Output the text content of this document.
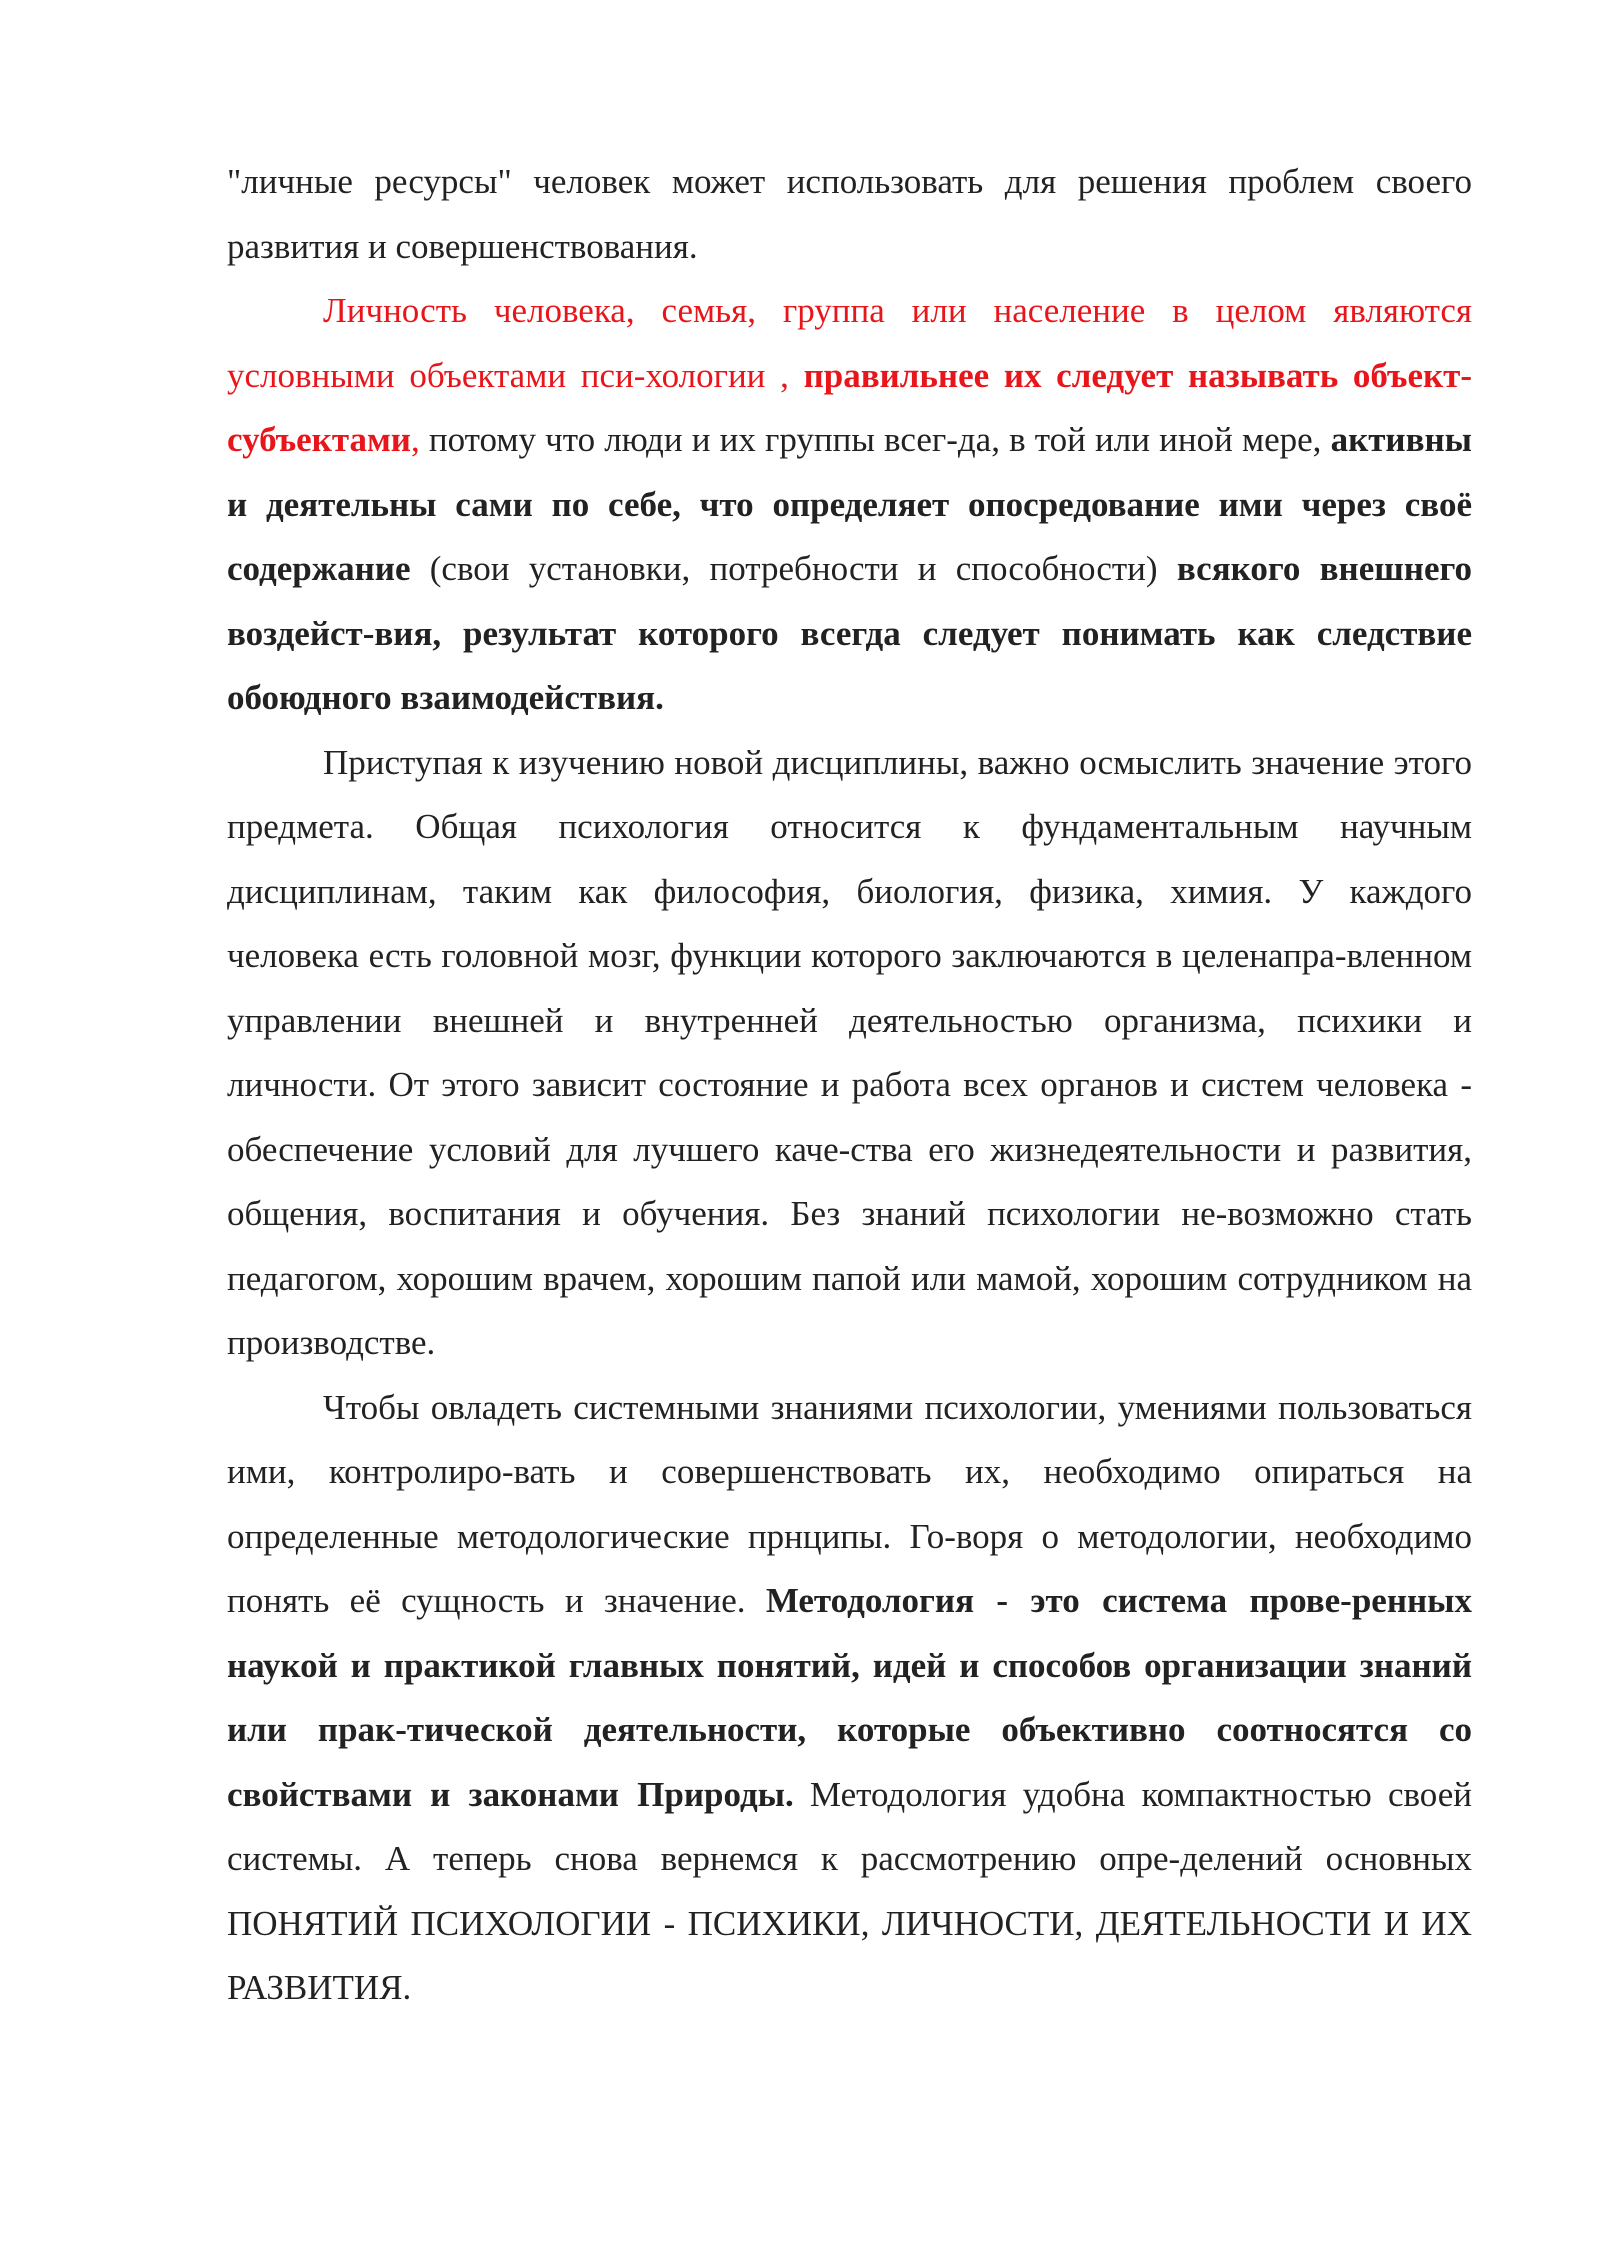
"личные ресурсы" человек может использовать для решения проблем своего развития и совершенствования.

Личность человека, семья, группа или население в целом являются условными объектами пси-хологии , правильнее их следует называть объект-субъектами, потому что люди и их группы всег-да, в той или иной мере, активны и деятельны сами по себе, что определяет опосредование ими через своё содержание (свои установки, потребности и способности) всякого внешнего воздейст-вия, результат которого всегда следует понимать как следствие обоюдного взаимодействия.

Приступая к изучению новой дисциплины, важно осмыслить значение этого предмета. Общая психология относится к фундаментальным научным дисциплинам, таким как философия, биология, физика, химия. У каждого человека есть головной мозг, функции которого заключаются в целенапра-вленном управлении внешней и внутренней деятельностью организма, психики и личности. От этого зависит состояние и работа всех органов и систем человека - обеспечение условий для лучшего каче-ства его жизнедеятельности и развития, общения, воспитания и обучения. Без знаний психологии не-возможно стать педагогом, хорошим врачем, хорошим папой или мамой, хорошим сотрудником на производстве.

Чтобы овладеть системными знаниями психологии, умениями пользоваться ими, контролиро-вать и совершенствовать их, необходимо опираться на определенные методологические прнципы. Го-воря о методологии, необходимо понять её сущность и значение. Методология - это система прове-ренных наукой и практикой главных понятий, идей и способов организации знаний или прак-тической деятельности, которые объективно соотносятся со свойствами и законами Природы. Методология удобна компактностью своей системы. А теперь снова вернемся к рассмотрению опре-делений основных ПОНЯТИЙ ПСИХОЛОГИИ - ПСИХИКИ, ЛИЧНОСТИ, ДЕЯТЕЛЬНОСТИ И ИХ РАЗВИТИЯ.
